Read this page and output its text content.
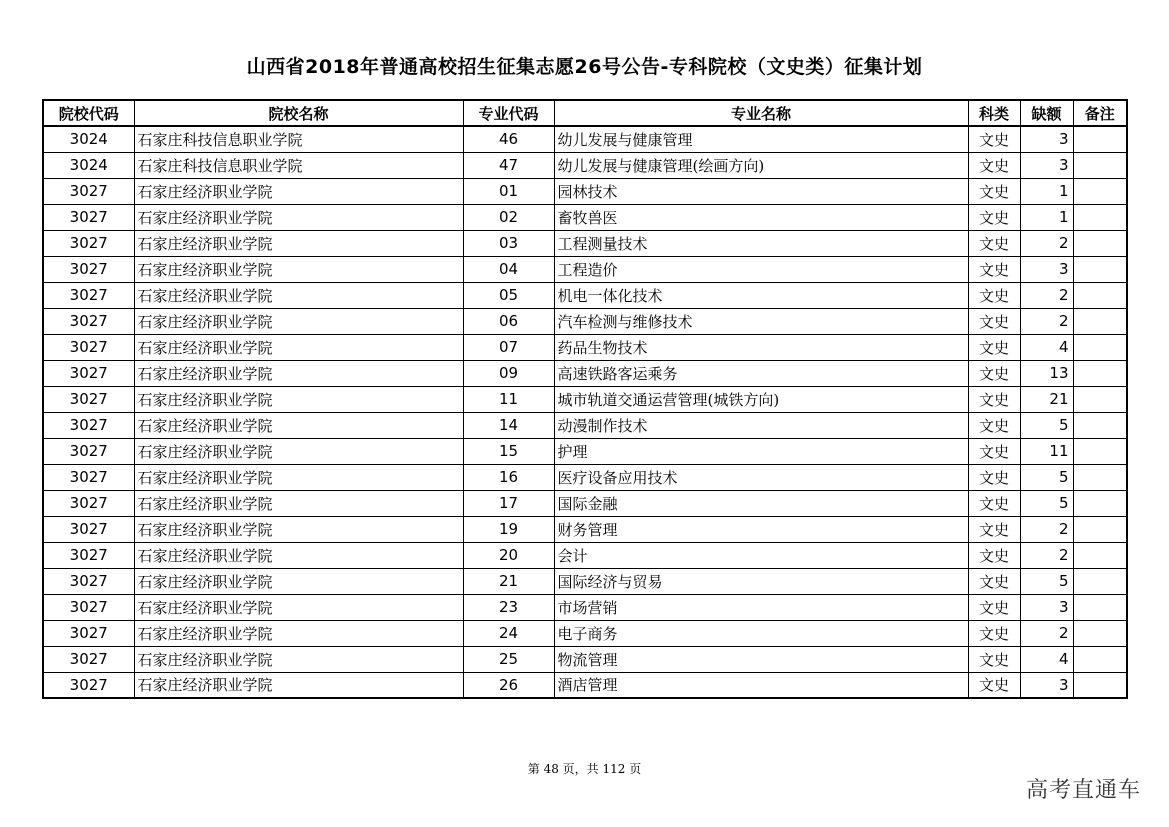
山西省2018年普通高校招生征集志愿26号公告-专科院校（文史类）征集计划
院校代码	院校名称	专业代码	专业名称	科类	缺额	备注
3024	石家庄科技信息职业学院	46	幼儿发展与健康管理	文史	3	
3024	石家庄科技信息职业学院	47	幼儿发展与健康管理(绘画方向)	文史	3	
3027	石家庄经济职业学院	01	园林技术	文史	1	
3027	石家庄经济职业学院	02	畜牧兽医	文史	1	
3027	石家庄经济职业学院	03	工程测量技术	文史	2	
3027	石家庄经济职业学院	04	工程造价	文史	3	
3027	石家庄经济职业学院	05	机电一体化技术	文史	2	
3027	石家庄经济职业学院	06	汽车检测与维修技术	文史	2	
3027	石家庄经济职业学院	07	药品生物技术	文史	4	
3027	石家庄经济职业学院	09	高速铁路客运乘务	文史	13	
3027	石家庄经济职业学院	11	城市轨道交通运营管理(城铁方向)	文史	21	
3027	石家庄经济职业学院	14	动漫制作技术	文史	5	
3027	石家庄经济职业学院	15	护理	文史	11	
3027	石家庄经济职业学院	16	医疗设备应用技术	文史	5	
3027	石家庄经济职业学院	17	国际金融	文史	5	
3027	石家庄经济职业学院	19	财务管理	文史	2	
3027	石家庄经济职业学院	20	会计	文史	2	
3027	石家庄经济职业学院	21	国际经济与贸易	文史	5	
3027	石家庄经济职业学院	23	市场营销	文史	3	
3027	石家庄经济职业学院	24	电子商务	文史	2	
3027	石家庄经济职业学院	25	物流管理	文史	4	
3027	石家庄经济职业学院	26	酒店管理	文史	3	
第 48 页，共 112 页
高考直通车
